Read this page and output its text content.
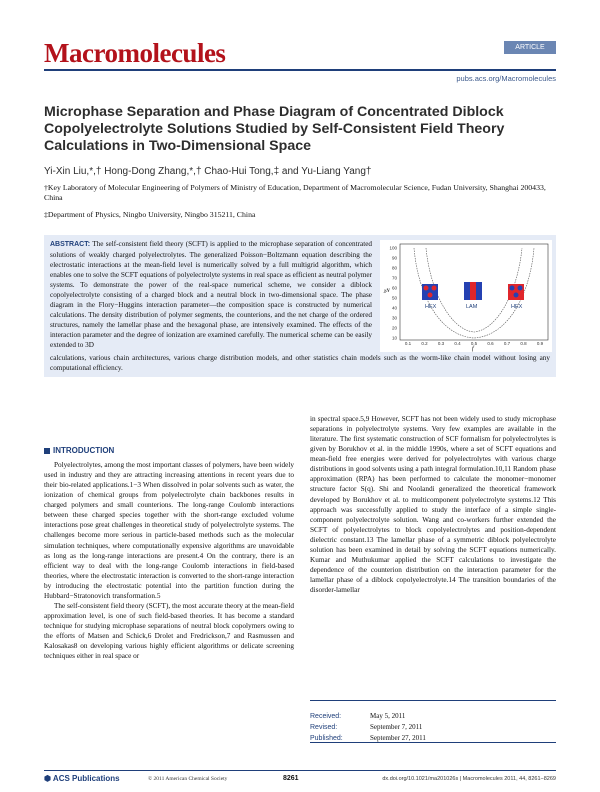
Macromolecules	ARTICLE
pubs.acs.org/Macromolecules
Microphase Separation and Phase Diagram of Concentrated Diblock Copolyelectrolyte Solutions Studied by Self-Consistent Field Theory Calculations in Two-Dimensional Space
Yi-Xin Liu,*,† Hong-Dong Zhang,*,† Chao-Hui Tong,‡ and Yu-Liang Yang†
†Key Laboratory of Molecular Engineering of Polymers of Ministry of Education, Department of Macromolecular Science, Fudan University, Shanghai 200433, China
‡Department of Physics, Ningbo University, Ningbo 315211, China
ABSTRACT: The self-consistent field theory (SCFT) is applied to the microphase separation of concentrated solutions of weakly charged polyelectrolytes. The generalized Poisson−Boltzmann equation describing the electrostatic interactions at the mean-field level is numerically solved by a full multigrid algorithm, which enables one to solve the SCFT equations of polyelectrolyte systems in real space as efficient as neutral polymer systems. To demonstrate the power of the real-space numerical scheme, we consider a diblock copolyelectrolyte consisting of a charged block and a neutral block in two-dimensional space. The phase diagram in the Flory−Huggins interaction parameter—the composition space is constructed by numerical calculations. The density distribution of polymer segments, the counterions, and the net charge of the ordered structures, namely the lamellar phase and the hexagonal phase, are intensively examined. The effects of the interaction parameter and the degree of ionization are examined carefully. The numerical scheme can be easily extended to 3D
calculations, various chain architectures, various charge distribution models, and other statistics chain models such as the worm-like chain model without losing any computational efficiency.
100
90
80
70
60
50
40
30
20
10
0.1 0.2 0.3 0.4 0.5 0.6 0.7 0.8 0.9
HEX	LAM	HEX
f
χN
INTRODUCTION
Polyelectrolytes, among the most important classes of polymers, have been widely used in industry and they are attracting increasing attentions in recent years due to their bio-related applications.1−3 When dissolved in polar solvents such as water, the ionization of chemical groups from polyelectrolyte chain backbones results in charged polymers and small counterions. The long-range Coulomb interactions between these charged species together with the short-range excluded volume interactions pose great challenges in theoretical study of polyelectrolyte systems. The challenges become more serious in particle-based methods such as the molecular simulation techniques, where computationally expensive algorithms are unavoidable as long as the long-range interactions are present.4 On the contrary, there is an efficient way to deal with the long-range Coulomb interactions in field-based theories, where the electrostatic interaction is converted to the short-range interaction by introducing the electrostatic potential into the partition function during the Hubbard−Stratonovich transformation.5
The self-consistent field theory (SCFT), the most accurate theory at the mean-field approximation level, is one of such field-based theories. It has become a standard technique for studying microphase separations of neutral block copolymers owing to the efforts of Matsen and Schick,6 Drolet and Fredrickson,7 and Rasmussen and Kalosakas8 on developing various highly efficient algorithms or delicate screening techniques either in real space or
in spectral space.5,9 However, SCFT has not been widely used to study microphase separations in polyelectrolyte systems. Very few examples are available in the literature. The first systematic construction of SCF formalism for polyelectrolytes is given by Borukhov et al. in the middle 1990s, where a set of SCFT equations and mean-field free energies were derived for polyelectrolytes with various charge distributions in good solvents using a path integral formulation.10,11 Random phase approximation (RPA) has been performed to calculate the monomer−monomer structure factor S(q). Shi and Noolandi generalized the theoretical framework developed by Borukhov et al. to multicomponent polyelectrolyte systems.12 This approach was successfully applied to study the interface of a simple single-component polyelectrolyte solution. Wang and co-workers further extended the SCFT of polyelectrolytes to block copolyelectrolytes and position-dependent dielectric constant.13 The lamellar phase of a symmetric diblock polyelectrolyte solution has been examined in detail by solving the SCFT equations numerically. Kumar and Muthukumar applied the SCFT calculations to investigate the dependence of the counterion distribution on the interaction parameter for the lamellar phase of a diblock copolyelectrolyte.14 The transition boundaries of the disorder-lamellar
Received:	May 5, 2011
Revised:	September 7, 2011
Published:	September 27, 2011
⬢ ACS Publications	© 2011 American Chemical Society	8261	dx.doi.org/10.1021/ma201026s | Macromolecules 2011, 44, 8261−8269
